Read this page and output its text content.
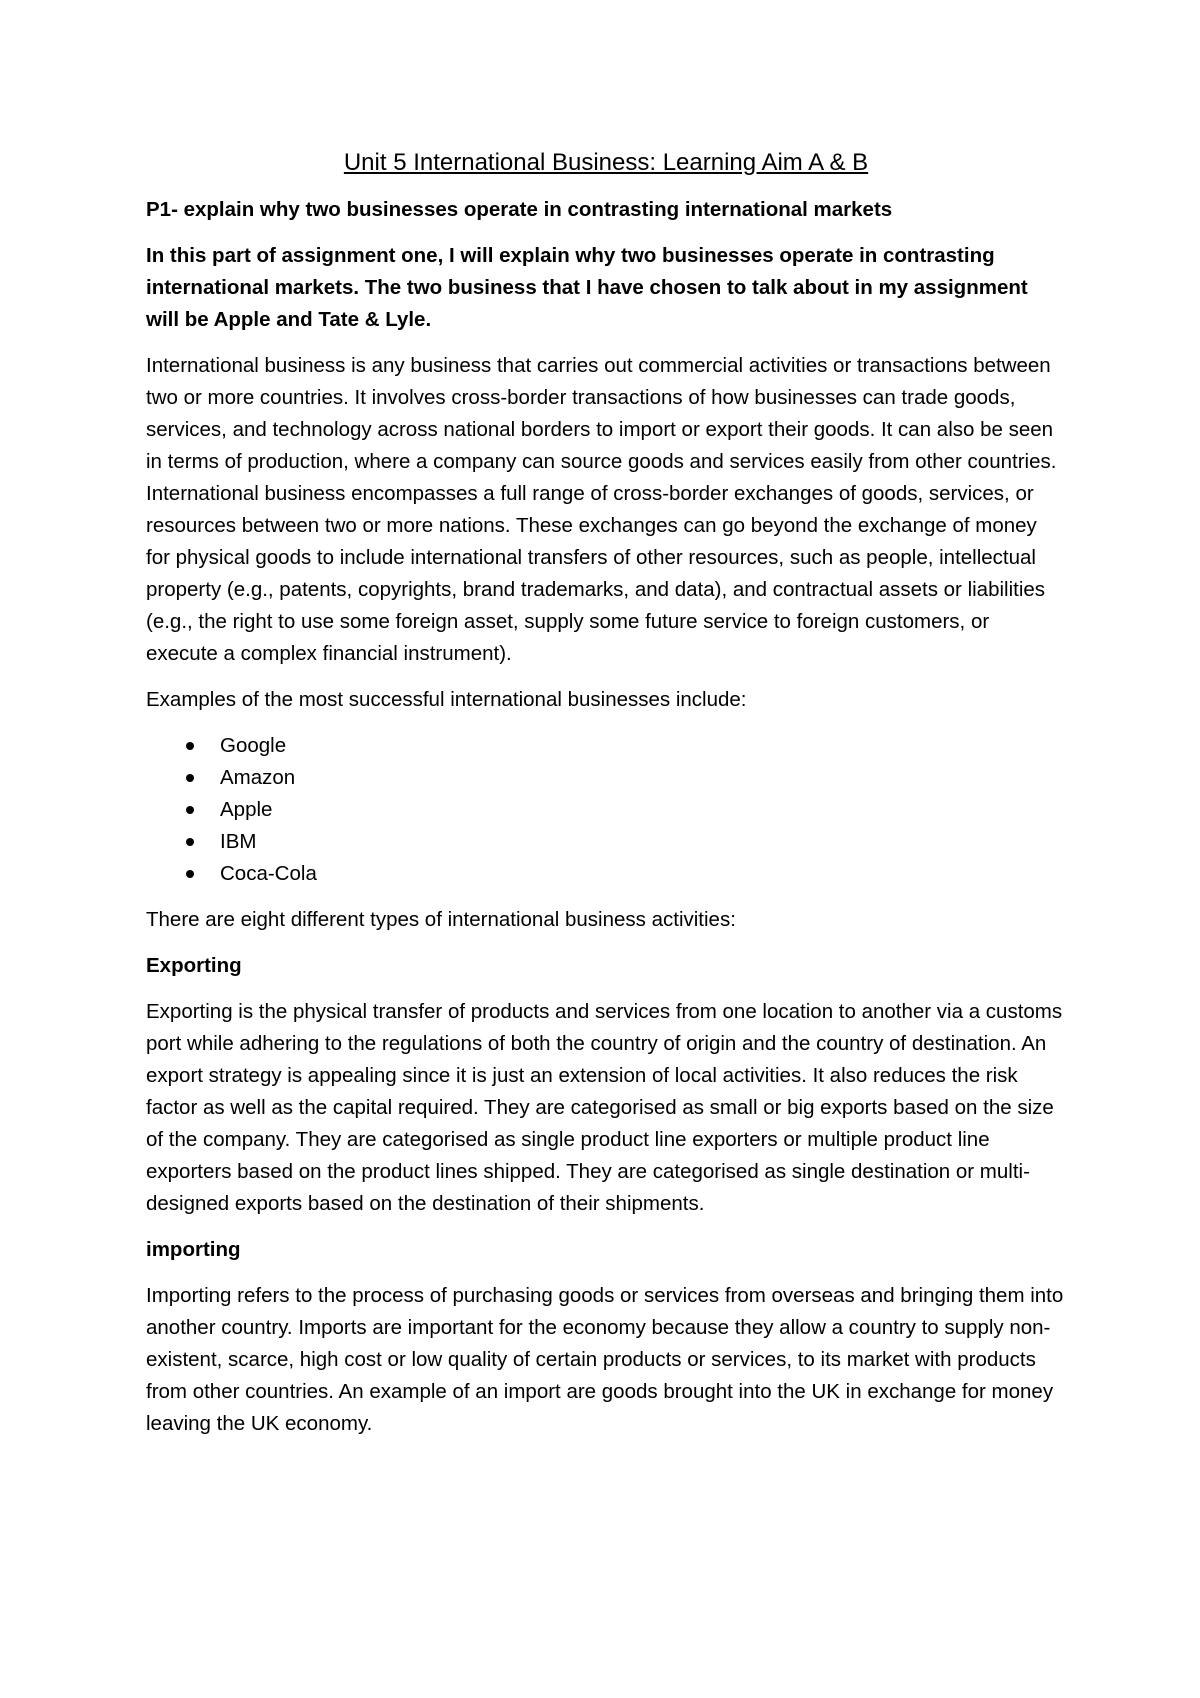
Unit 5 International Business: Learning Aim A & B
P1- explain why two businesses operate in contrasting international markets

In this part of assignment one, I will explain why two businesses operate in contrasting international markets. The two business that I have chosen to talk about in my assignment will be Apple and Tate & Lyle.

International business is any business that carries out commercial activities or transactions between two or more countries. It involves cross-border transactions of how businesses can trade goods, services, and technology across national borders to import or export their goods. It can also be seen in terms of production, where a company can source goods and services easily from other countries. International business encompasses a full range of cross-border exchanges of goods, services, or resources between two or more nations. These exchanges can go beyond the exchange of money for physical goods to include international transfers of other resources, such as people, intellectual property (e.g., patents, copyrights, brand trademarks, and data), and contractual assets or liabilities (e.g., the right to use some foreign asset, supply some future service to foreign customers, or execute a complex financial instrument).

Examples of the most successful international businesses include:

Google
Amazon
Apple
IBM
Coca-Cola

There are eight different types of international business activities:

Exporting

Exporting is the physical transfer of products and services from one location to another via a customs port while adhering to the regulations of both the country of origin and the country of destination. An export strategy is appealing since it is just an extension of local activities. It also reduces the risk factor as well as the capital required. They are categorised as small or big exports based on the size of the company. They are categorised as single product line exporters or multiple product line exporters based on the product lines shipped. They are categorised as single destination or multi-designed exports based on the destination of their shipments.

importing

Importing refers to the process of purchasing goods or services from overseas and bringing them into another country. Imports are important for the economy because they allow a country to supply non-existent, scarce, high cost or low quality of certain products or services, to its market with products from other countries. An example of an import are goods brought into the UK in exchange for money leaving the UK economy.
